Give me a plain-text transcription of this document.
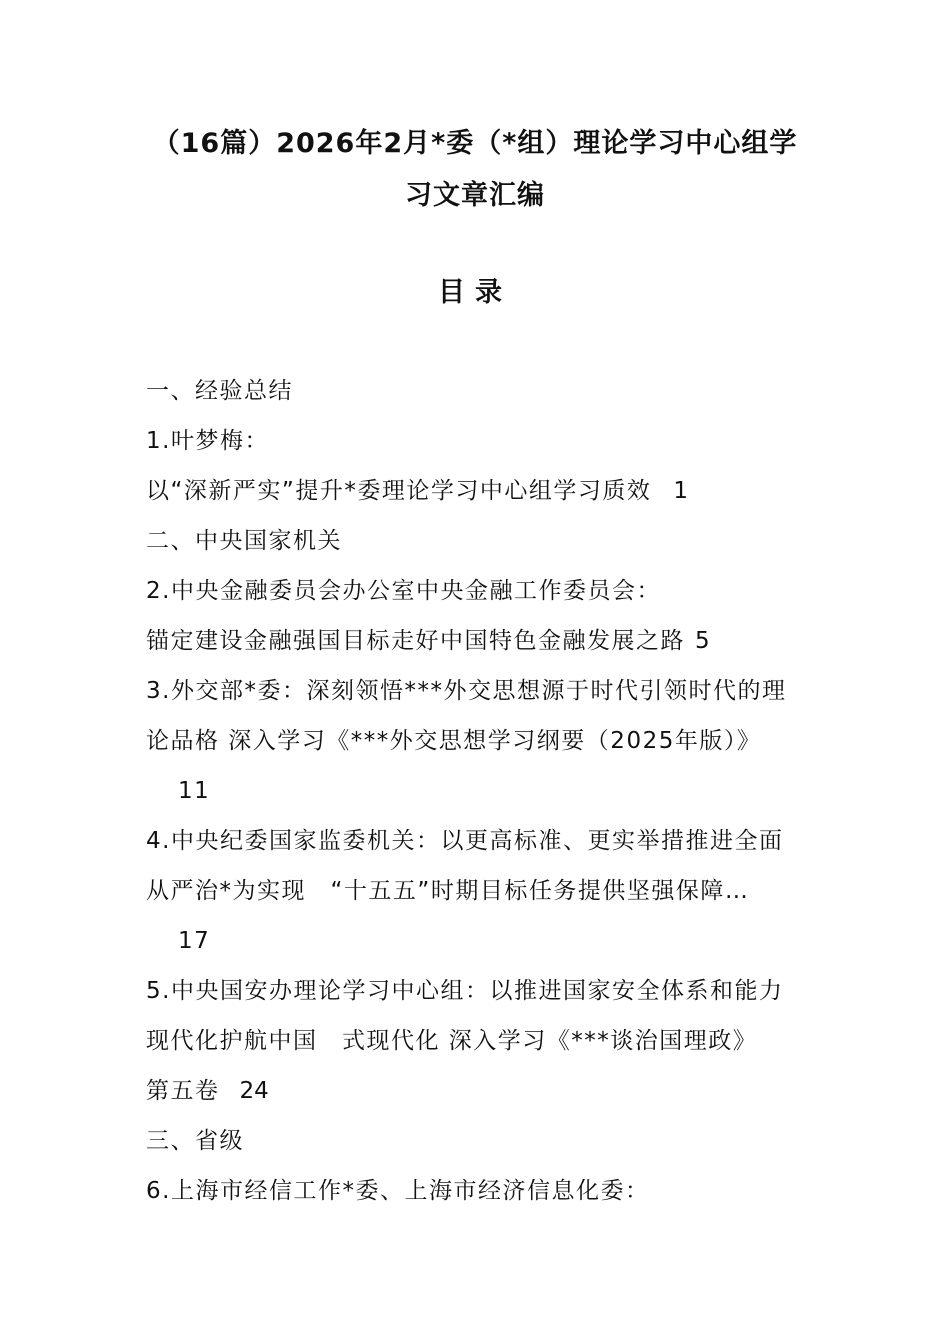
（16篇）2026年2月*委（*组）理论学习中心组学
习文章汇编
目录
一、经验总结
1.叶梦梅：
以“深新严实”提升*委理论学习中心组学习质效 1
二、中央国家机关
2.中央金融委员会办公室中央金融工作委员会：
锚定建设金融强国目标走好中国特色金融发展之路 5
3.外交部*委：深刻领悟***外交思想源于时代引领时代的理
论品格 深入学习《***外交思想学习纲要（2025年版）》
11
4.中央纪委国家监委机关：以更高标准、更实举措推进全面
从严治*为实现　“十五五”时期目标任务提供坚强保障…
17
5.中央国安办理论学习中心组：以推进国家安全体系和能力
现代化护航中国　式现代化 深入学习《***谈治国理政》
第五卷 24
三、省级
6.上海市经信工作*委、上海市经济信息化委：
